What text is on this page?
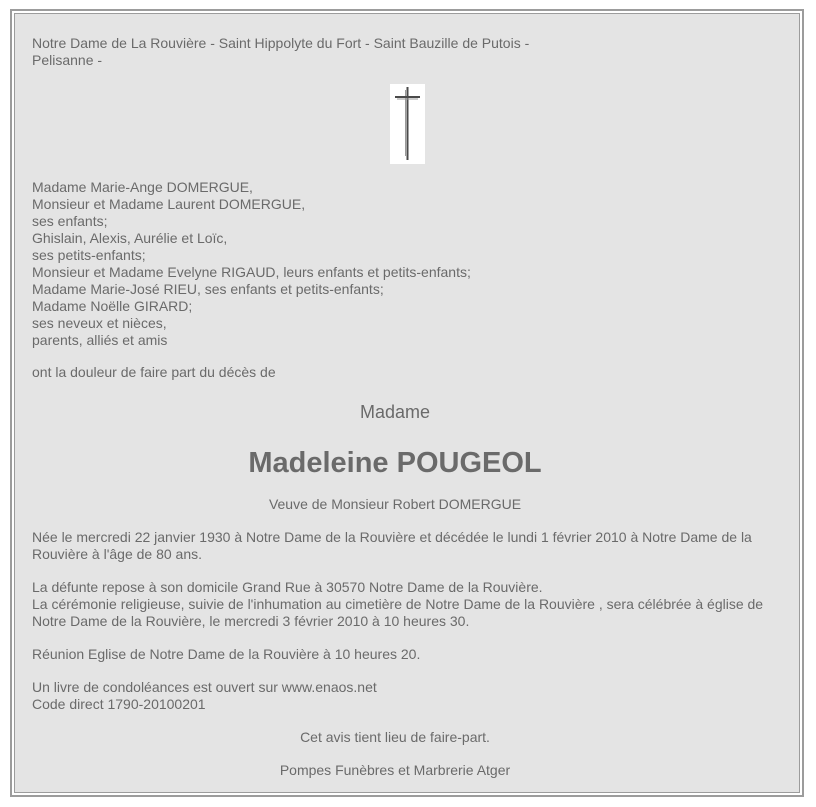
Notre Dame de La Rouvière - Saint Hippolyte du Fort - Saint Bauzille de Putois -
Pelisanne -
Madame Marie-Ange DOMERGUE,
Monsieur et Madame Laurent DOMERGUE,
ses enfants;
Ghislain, Alexis, Aurélie et Loïc,
ses petits-enfants;
Monsieur et Madame Evelyne RIGAUD, leurs enfants et petits-enfants;
Madame Marie-José RIEU, ses enfants et petits-enfants;
Madame Noëlle GIRARD;
ses neveux et nièces,
parents, alliés et amis
ont la douleur de faire part du décès de
Madame
Madeleine POUGEOL
Veuve de Monsieur Robert DOMERGUE
Née le mercredi 22 janvier 1930 à Notre Dame de la Rouvière et décédée le lundi 1 février 2010 à Notre Dame de la Rouvière à l'âge de 80 ans.
La défunte repose à son domicile Grand Rue à 30570 Notre Dame de la Rouvière.
La cérémonie religieuse, suivie de l'inhumation au cimetière de Notre Dame de la Rouvière , sera célébrée à église de Notre Dame de la Rouvière, le mercredi 3 février 2010 à 10 heures 30.
Réunion Eglise de Notre Dame de la Rouvière à 10 heures 20.
Un livre de condoléances est ouvert sur www.enaos.net
Code direct 1790-20100201
Cet avis tient lieu de faire-part.
Pompes Funèbres et Marbrerie Atger
